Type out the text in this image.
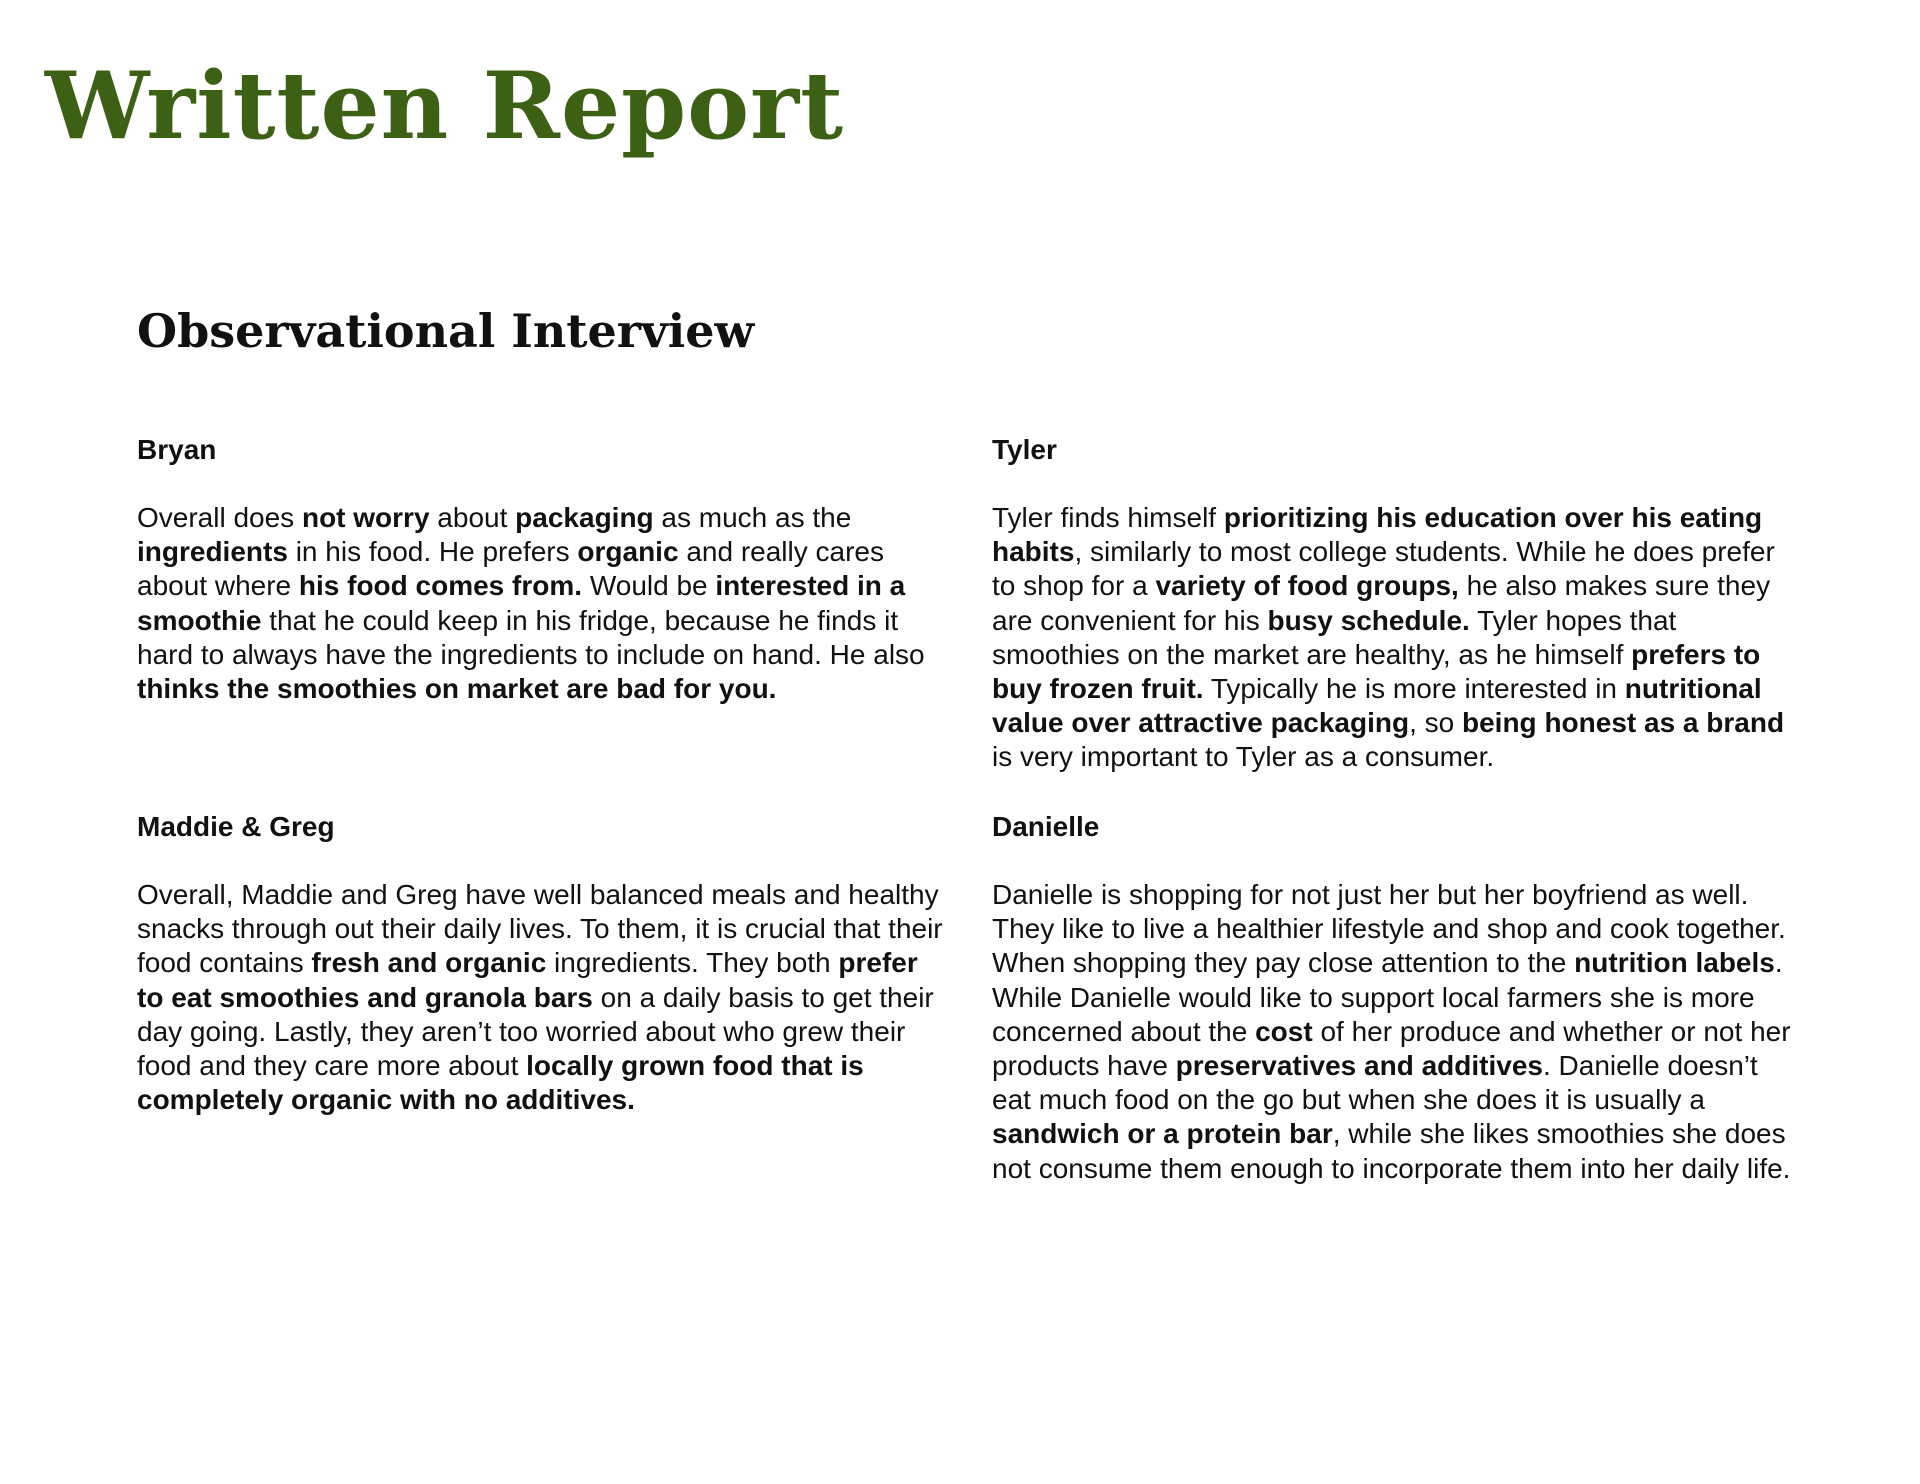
Written Report
Observational Interview
Bryan

Overall does not worry about packaging as much as the ingredients in his food. He prefers organic and really cares about where his food comes from. Would be interested in a smoothie that he could keep in his fridge, because he finds it hard to always have the ingredients to include on hand. He also thinks the smoothies on market are bad for you.

Tyler

Tyler finds himself prioritizing his education over his eating habits, similarly to most college students. While he does prefer to shop for a variety of food groups, he also makes sure they are convenient for his busy schedule. Tyler hopes that smoothies on the market are healthy, as he himself prefers to buy frozen fruit. Typically he is more interested in nutritional value over attractive packaging, so being honest as a brand is very important to Tyler as a consumer.

Maddie & Greg

Overall, Maddie and Greg have well balanced meals and healthy snacks through out their daily lives. To them, it is crucial that their food contains fresh and organic ingredients. They both prefer to eat smoothies and granola bars on a daily basis to get their day going. Lastly, they aren’t too worried about who grew their food and they care more about locally grown food that is completely organic with no additives.

Danielle

Danielle is shopping for not just her but her boyfriend as well. They like to live a healthier lifestyle and shop and cook together. When shopping they pay close attention to the nutrition labels. While Danielle would like to support local farmers she is more concerned about the cost of her produce and whether or not her products have preservatives and additives. Danielle doesn’t eat much food on the go but when she does it is usually a sandwich or a protein bar, while she likes smoothies she does not consume them enough to incorporate them into her daily life.
